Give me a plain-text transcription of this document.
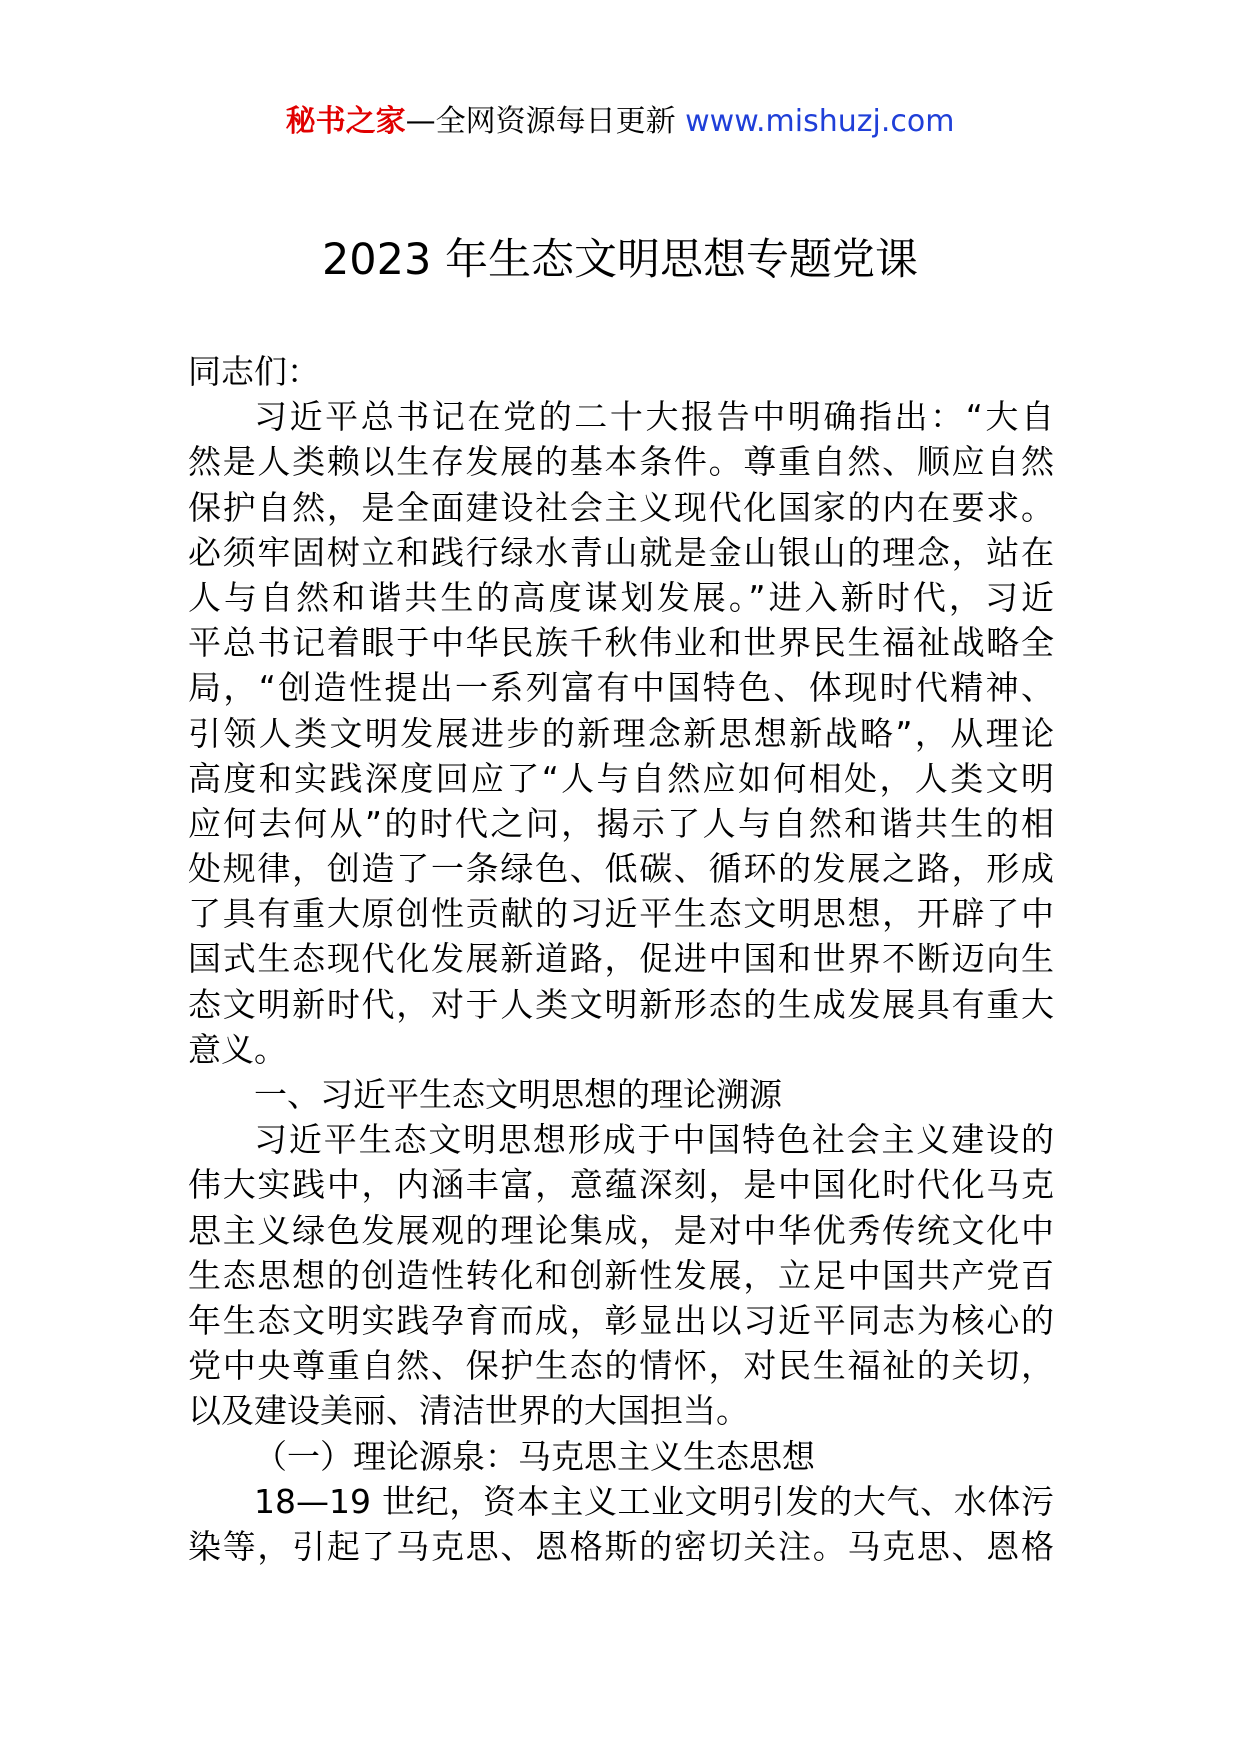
秘书之家—全网资源每日更新 www.mishuzj.com
2023 年生态文明思想专题党课
同志们：
习近平总书记在党的二十大报告中明确指出：“大自
然是人类赖以生存发展的基本条件。尊重自然、顺应自然
保护自然，是全面建设社会主义现代化国家的内在要求。
必须牢固树立和践行绿水青山就是金山银山的理念，站在
人与自然和谐共生的高度谋划发展。”进入新时代，习近
平总书记着眼于中华民族千秋伟业和世界民生福祉战略全
局，“创造性提出一系列富有中国特色、体现时代精神、
引领人类文明发展进步的新理念新思想新战略”，从理论
高度和实践深度回应了“人与自然应如何相处，人类文明
应何去何从”的时代之问，揭示了人与自然和谐共生的相
处规律，创造了一条绿色、低碳、循环的发展之路，形成
了具有重大原创性贡献的习近平生态文明思想，开辟了中
国式生态现代化发展新道路，促进中国和世界不断迈向生
态文明新时代，对于人类文明新形态的生成发展具有重大
意义。
一、习近平生态文明思想的理论溯源
习近平生态文明思想形成于中国特色社会主义建设的
伟大实践中，内涵丰富，意蕴深刻，是中国化时代化马克
思主义绿色发展观的理论集成，是对中华优秀传统文化中
生态思想的创造性转化和创新性发展，立足中国共产党百
年生态文明实践孕育而成，彰显出以习近平同志为核心的
党中央尊重自然、保护生态的情怀，对民生福祉的关切，
以及建设美丽、清洁世界的大国担当。
（一）理论源泉：马克思主义生态思想
18—19 世纪，资本主义工业文明引发的大气、水体污
染等，引起了马克思、恩格斯的密切关注。马克思、恩格
